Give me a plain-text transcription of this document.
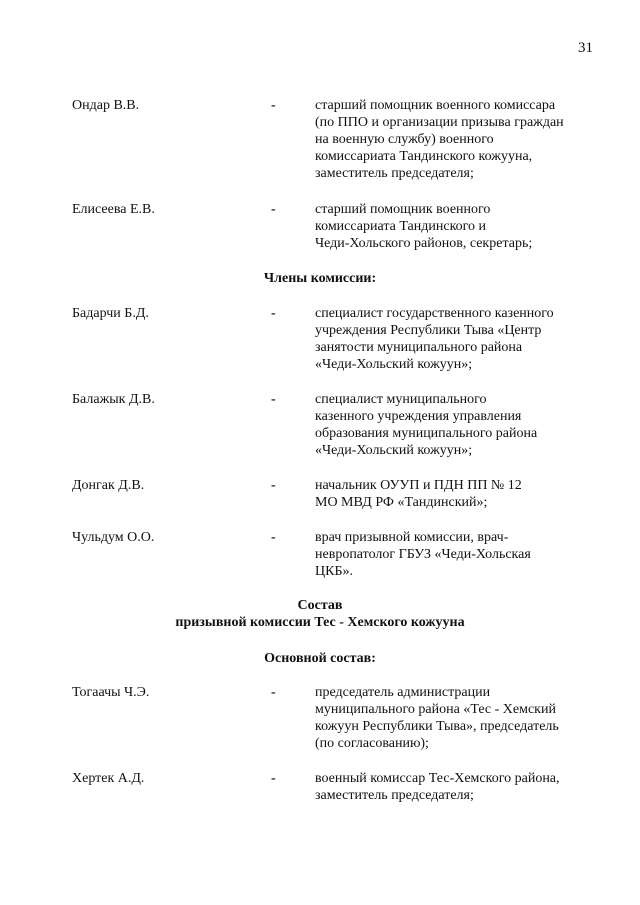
31
Ондар В.В.	-	старший помощник военного комиссара
(по ППО и организации призыва граждан
на военную службу) военного
комиссариата Тандинского кожууна,
заместитель председателя;
Елисеева Е.В.	-	старший помощник военного
комиссариата Тандинского и
Чеди-Хольского районов, секретарь;
Члены комиссии:
Бадарчи Б.Д.	-	специалист государственного казенного
учреждения Республики Тыва «Центр
занятости муниципального района
«Чеди-Хольский кожуун»;
Балажык Д.В.	-	специалист муниципального
казенного учреждения управления
образования муниципального района
«Чеди-Хольский кожуун»;
Донгак Д.В.	-	начальник ОУУП и ПДН ПП № 12
МО МВД РФ «Тандинский»;
Чульдум О.О.	-	врач призывной комиссии, врач-
невропатолог ГБУЗ «Чеди-Хольская
ЦКБ».
Состав
призывной комиссии Тес - Хемского кожууна
Основной состав:
Тогаачы Ч.Э.	-	председатель администрации
муниципального района «Тес - Хемский
кожуун Республики Тыва», председатель
(по согласованию);
Хертек А.Д.	-	военный комиссар Тес-Хемского района,
заместитель председателя;
